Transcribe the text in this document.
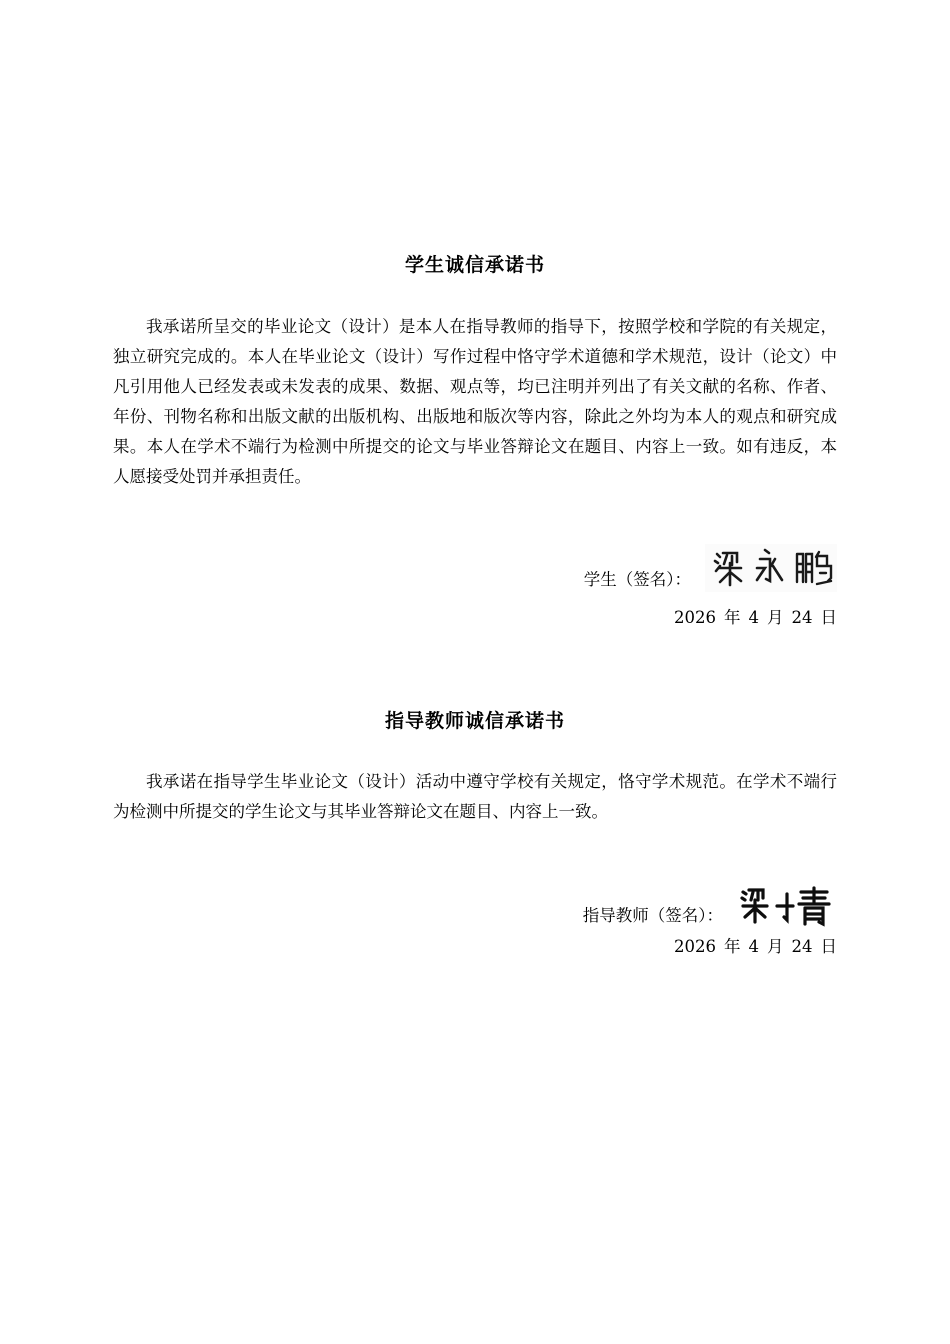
学生诚信承诺书

我承诺所呈交的毕业论文（设计）是本人在指导教师的指导下，按照学校和学院的有关规定，独立研究完成的。本人在毕业论文（设计）写作过程中恪守学术道德和学术规范，设计（论文）中凡引用他人已经发表或未发表的成果、数据、观点等，均已注明并列出了有关文献的名称、作者、年份、刊物名称和出版文献的出版机构、出版地和版次等内容，除此之外均为本人的观点和研究成果。本人在学术不端行为检测中所提交的论文与毕业答辩论文在题目、内容上一致。如有违反，本人愿接受处罚并承担责任。

学生（签名）：
2026 年 4 月 24 日
指导教师诚信承诺书

我承诺在指导学生毕业论文（设计）活动中遵守学校有关规定，恪守学术规范。在学术不端行为检测中所提交的学生论文与其毕业答辩论文在题目、内容上一致。

指导教师（签名）：
2026 年 4 月 24 日
